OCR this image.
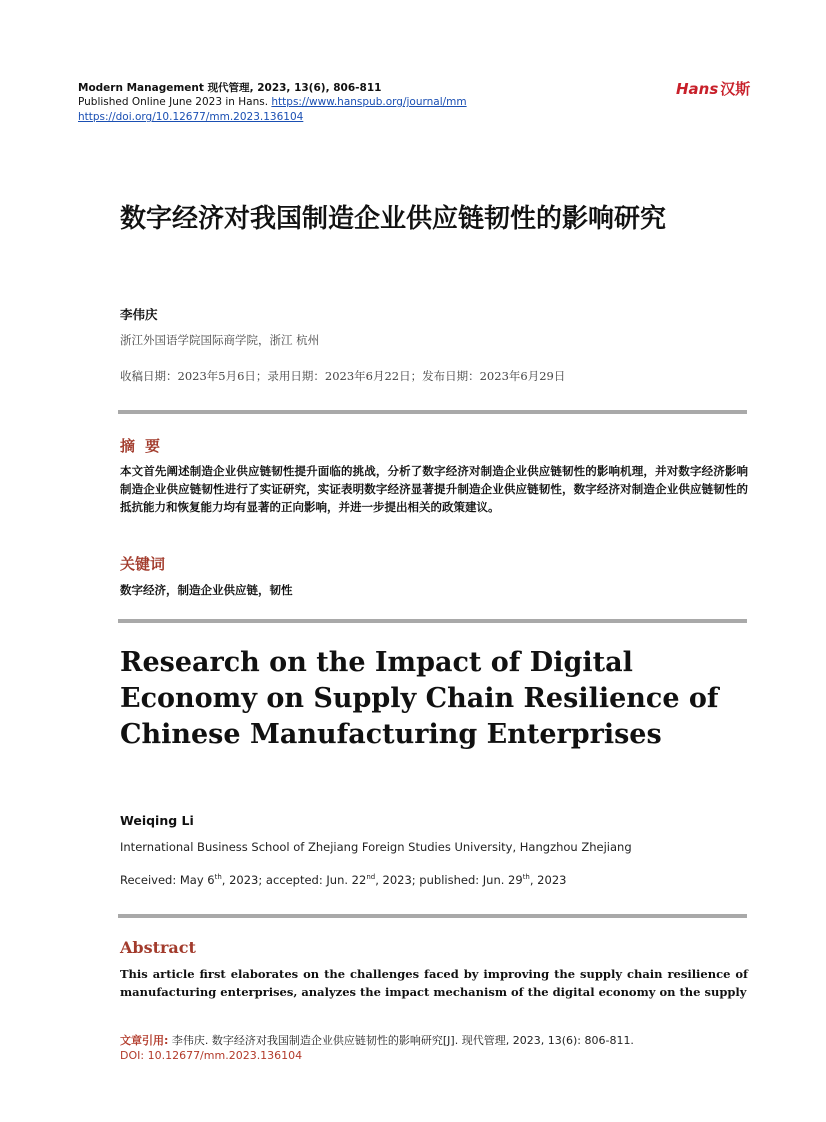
Modern Management 现代管理, 2023, 13(6), 806-811
Published Online June 2023 in Hans. https://www.hanspub.org/journal/mm
https://doi.org/10.12677/mm.2023.136104
Hans 汉斯
数字经济对我国制造企业供应链韧性的影响研究
李伟庆
浙江外国语学院国际商学院，浙江 杭州
收稿日期：2023年5月6日；录用日期：2023年6月22日；发布日期：2023年6月29日
摘要
本文首先阐述制造企业供应链韧性提升面临的挑战，分析了数字经济对制造企业供应链韧性的影响机理，并对数字经济影响制造企业供应链韧性进行了实证研究，实证表明数字经济显著提升制造企业供应链韧性，数字经济对制造企业供应链韧性的抵抗能力和恢复能力均有显著的正向影响，并进一步提出相关的政策建议。
关键词
数字经济，制造企业供应链，韧性
Research on the Impact of Digital Economy on Supply Chain Resilience of Chinese Manufacturing Enterprises
Weiqing Li
International Business School of Zhejiang Foreign Studies University, Hangzhou Zhejiang
Received: May 6th, 2023; accepted: Jun. 22nd, 2023; published: Jun. 29th, 2023
Abstract
This article first elaborates on the challenges faced by improving the supply chain resilience of manufacturing enterprises, analyzes the impact mechanism of the digital economy on the supply
文章引用: 李伟庆. 数字经济对我国制造企业供应链韧性的影响研究[J]. 现代管理, 2023, 13(6): 806-811.
DOI: 10.12677/mm.2023.136104
